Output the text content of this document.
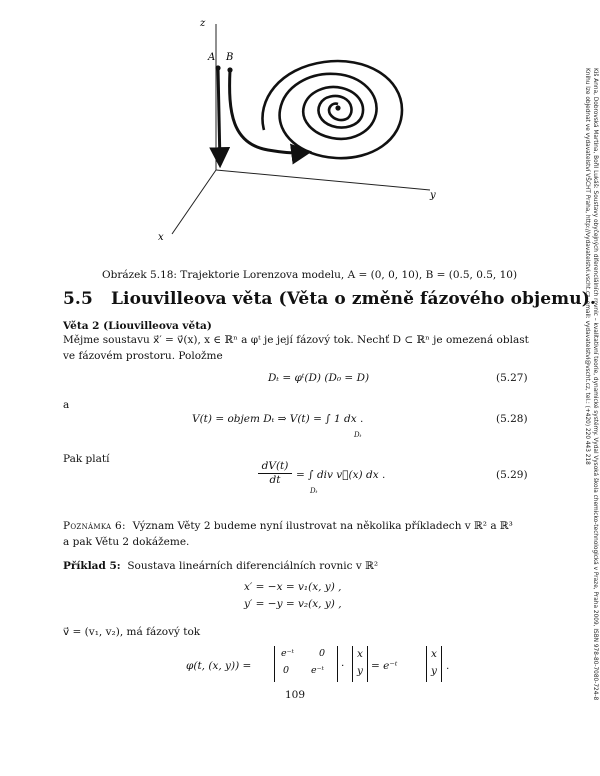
z
y
x
A B
Obrázek 5.18: Trajektorie Lorenzova modelu, A = (0, 0, 10), B = (0.5, 0.5, 10)
5.5 Liouvilleova věta (Věta o změně fázového objemu).
Věta 2 (Liouvilleova věta)
Mějme soustavu x⃗′ = v⃗(x), x ∈ ℝⁿ a φᵗ je její fázový tok. Nechť D ⊂ ℝⁿ je omezená oblast
ve fázovém prostoru. Položme
Dₜ = φᵗ(D) (D₀ = D)	(5.27)
a
V(t) = objem Dₜ ⇒ V(t) = ∫ 1 dx .
Dₜ
(5.28)
Pak platí
$\frac{dV(t)}{dt}$ = ∫ div v⃗(x) dx .
Dₜ
(5.29)
Poznámka 6: Význam Věty 2 budeme nyní ilustrovat na několika příkladech v ℝ² a ℝ³
a pak Větu 2 dokážeme.
Příklad 5: Soustava lineárních diferenciálních rovnic v ℝ²
x′ = −x = v₁(x, y) ,
y′ = −y = v₂(x, y) ,
v⃗ = (v₁, v₂), má fázový tok
φ(t, (x, y)) =
e⁻ᵗ	0
0 e⁻ᵗ ·
x
y = e⁻ᵗ
x
y .
109	Kiš Anna, Dobrovská Martina, Bořil Lukáš: Soustavy obyčejných diferenciálních rovnic – kvalitativní teorie, dynamické systémy. Vydal Vysoká škola chemicko-technologická v Praze, Praha 2009, ISBN 978-80-7080-724-8
Knihu lze objednat ve vydavatelství VŠCHT Praha, http://vydavatelstvi.vscht.cz, email: vydavatelstvi@vscht.cz, tel.: (+420) 220 443 218
